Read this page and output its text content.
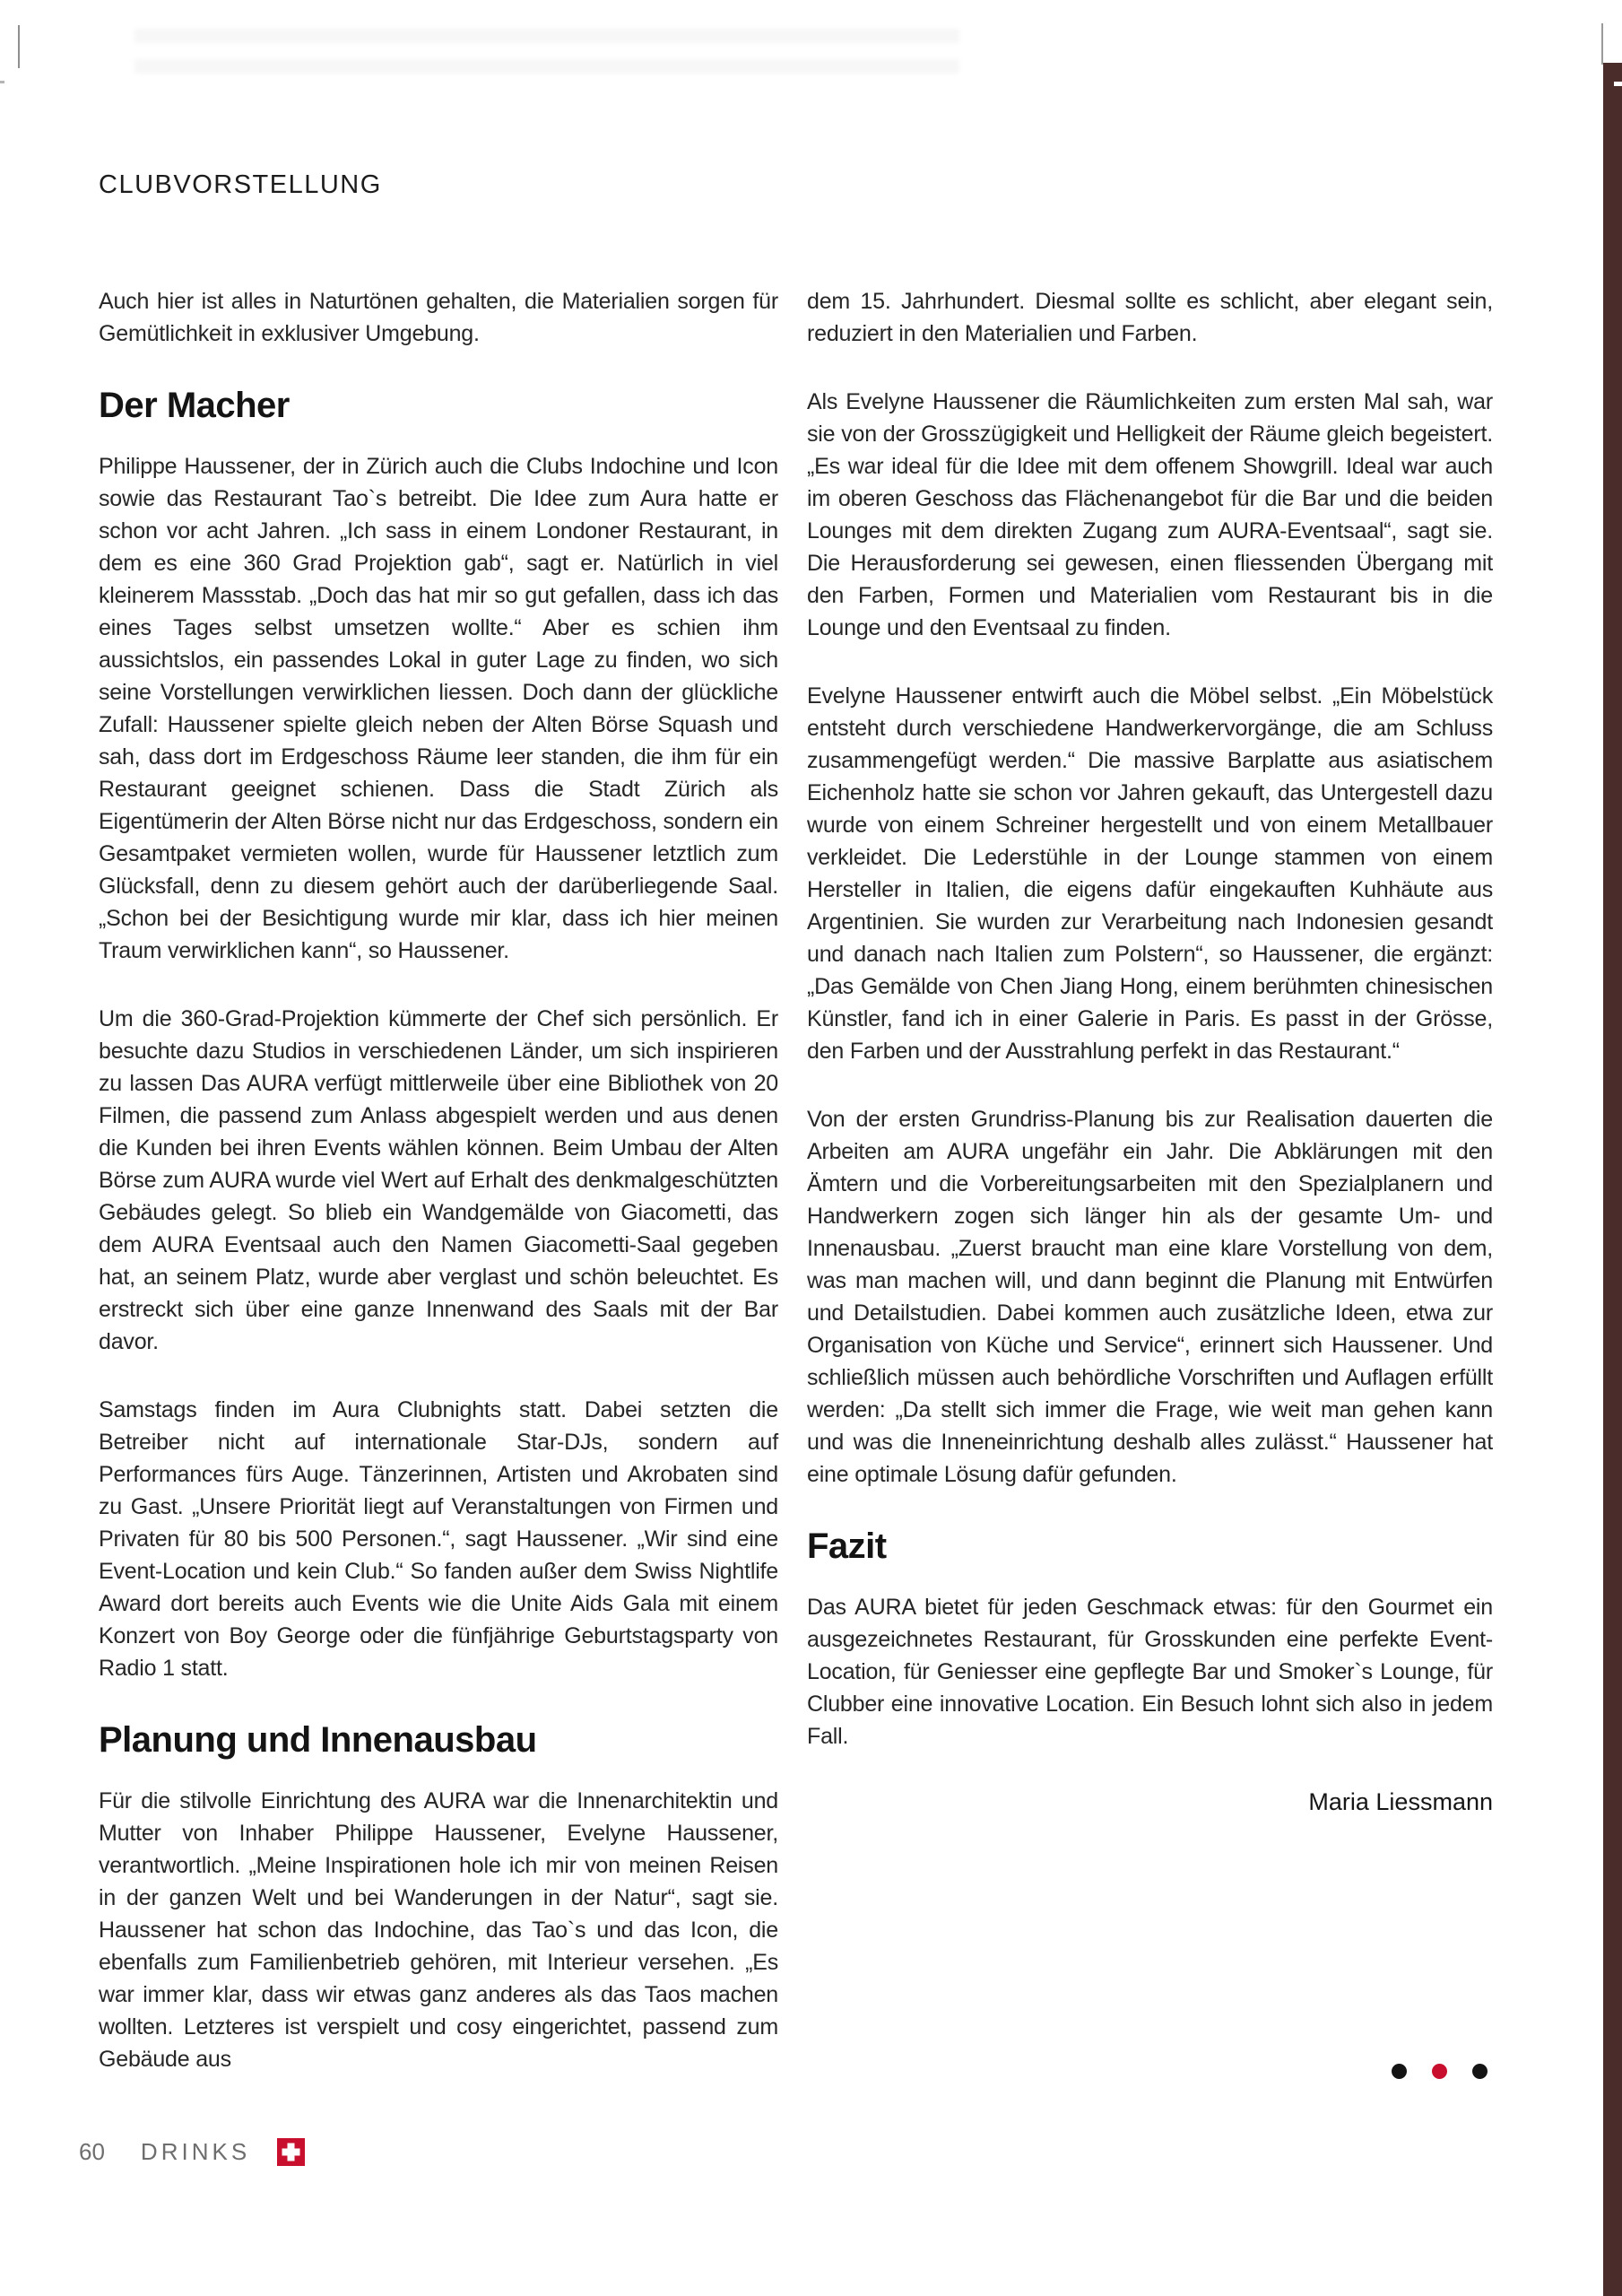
CLUBVORSTELLUNG

Auch hier ist alles in Naturtönen gehalten, die Materialien sorgen für Gemütlichkeit in exklusiver Umgebung.

Der Macher

Philippe Haussener, der in Zürich auch die Clubs Indochine und Icon sowie das Restaurant Tao`s betreibt. Die Idee zum Aura hatte er schon vor acht Jahren. „Ich sass in einem Londoner Restaurant, in dem es eine 360 Grad Projektion gab“, sagt er. Natürlich in viel kleinerem Massstab. „Doch das hat mir so gut gefallen, dass ich das eines Tages selbst umsetzen wollte.“ Aber es schien ihm aussichtslos, ein passendes Lokal in guter Lage zu finden, wo sich seine Vorstellungen verwirklichen liessen. Doch dann der glückliche Zufall: Haussener spielte gleich neben der Alten Börse Squash und sah, dass dort im Erdgeschoss Räume leer standen, die ihm für ein Restaurant geeignet schienen. Dass die Stadt Zürich als Eigentümerin der Alten Börse nicht nur das Erdgeschoss, sondern ein Gesamtpaket vermieten wollen, wurde für Haussener letztlich zum Glücksfall, denn zu diesem gehört auch der darüberliegende Saal. „Schon bei der Besichtigung wurde mir klar, dass ich hier meinen Traum verwirklichen kann“, so Haussener.

Um die 360-Grad-Projektion kümmerte der Chef sich persönlich. Er besuchte dazu Studios in verschiedenen Länder, um sich inspirieren zu lassen Das AURA verfügt mittlerweile über eine Bibliothek von 20 Filmen, die passend zum Anlass abgespielt werden und aus denen die Kunden bei ihren Events wählen können. Beim Umbau der Alten Börse zum AURA wurde viel Wert auf Erhalt des denkmalgeschützten Gebäudes gelegt. So blieb ein Wandgemälde von Giacometti, das dem AURA Eventsaal auch den Namen Giacometti-Saal gegeben hat, an seinem Platz, wurde aber verglast und schön beleuchtet. Es erstreckt sich über eine ganze Innenwand des Saals mit der Bar davor.

Samstags finden im Aura Clubnights statt. Dabei setzten die Betreiber nicht auf internationale Star-DJs, sondern auf Performances fürs Auge. Tänzerinnen, Artisten und Akrobaten sind zu Gast. „Unsere Priorität liegt auf Veranstaltungen von Firmen und Privaten für 80 bis 500 Personen.“, sagt Haussener. „Wir sind eine Event-Location und kein Club.“ So fanden außer dem Swiss Nightlife Award dort bereits auch Events wie die Unite Aids Gala mit einem Konzert von Boy George oder die fünfjährige Geburtstagsparty von Radio 1 statt.

Planung und Innenausbau

Für die stilvolle Einrichtung des AURA war die Innenarchitektin und Mutter von Inhaber Philippe Haussener, Evelyne Haussener, verantwortlich. „Meine Inspirationen hole ich mir von meinen Reisen in der ganzen Welt und bei Wanderungen in der Natur“, sagt sie. Haussener hat schon das Indochine, das Tao`s und das Icon, die ebenfalls zum Familienbetrieb gehören, mit Interieur versehen. „Es war immer klar, dass wir etwas ganz anderes als das Taos machen wollten. Letzteres ist verspielt und cosy eingerichtet, passend zum Gebäude aus

dem 15. Jahrhundert. Diesmal sollte es schlicht, aber elegant sein, reduziert in den Materialien und Farben.

Als Evelyne Haussener die Räumlichkeiten zum ersten Mal sah, war sie von der Grosszügigkeit und Helligkeit der Räume gleich begeistert. „Es war ideal für die Idee mit dem offenem Showgrill. Ideal war auch im oberen Geschoss das Flächenangebot für die Bar und die beiden Lounges mit dem direkten Zugang zum AURA-Eventsaal“, sagt sie. Die Herausforderung sei gewesen, einen fliessenden Übergang mit den Farben, Formen und Materialien vom Restaurant bis in die Lounge und den Eventsaal zu finden.

Evelyne Haussener entwirft auch die Möbel selbst. „Ein Möbelstück entsteht durch verschiedene Handwerkervorgänge, die am Schluss zusammengefügt werden.“ Die massive Barplatte aus asiatischem Eichenholz hatte sie schon vor Jahren gekauft, das Untergestell dazu wurde von einem Schreiner hergestellt und von einem Metallbauer verkleidet. Die Lederstühle in der Lounge stammen von einem Hersteller in Italien, die eigens dafür eingekauften Kuhhäute aus Argentinien. Sie wurden zur Verarbeitung nach Indonesien gesandt und danach nach Italien zum Polstern“, so Haussener, die ergänzt: „Das Gemälde von Chen Jiang Hong, einem berühmten chinesischen Künstler, fand ich in einer Galerie in Paris. Es passt in der Grösse, den Farben und der Ausstrahlung perfekt in das Restaurant.“

Von der ersten Grundriss-Planung bis zur Realisation dauerten die Arbeiten am AURA ungefähr ein Jahr. Die Abklärungen mit den Ämtern und die Vorbereitungsarbeiten mit den Spezialplanern und Handwerkern zogen sich länger hin als der gesamte Um- und Innenausbau. „Zuerst braucht man eine klare Vorstellung von dem, was man machen will, und dann beginnt die Planung mit Entwürfen und Detailstudien. Dabei kommen auch zusätzliche Ideen, etwa zur Organisation von Küche und Service“, erinnert sich Haussener. Und schließlich müssen auch behördliche Vorschriften und Auflagen erfüllt werden: „Da stellt sich immer die Frage, wie weit man gehen kann und was die Inneneinrichtung deshalb alles zulässt.“ Haussener hat eine optimale Lösung dafür gefunden.

Fazit

Das AURA bietet für jeden Geschmack etwas: für den Gourmet ein ausgezeichnetes Restaurant, für Grosskunden eine perfekte Event-Location, für Geniesser eine gepflegte Bar und Smoker`s Lounge, für Clubber eine innovative Location. Ein Besuch lohnt sich also in jedem Fall.

Maria Liessmann
60 DRINKS
